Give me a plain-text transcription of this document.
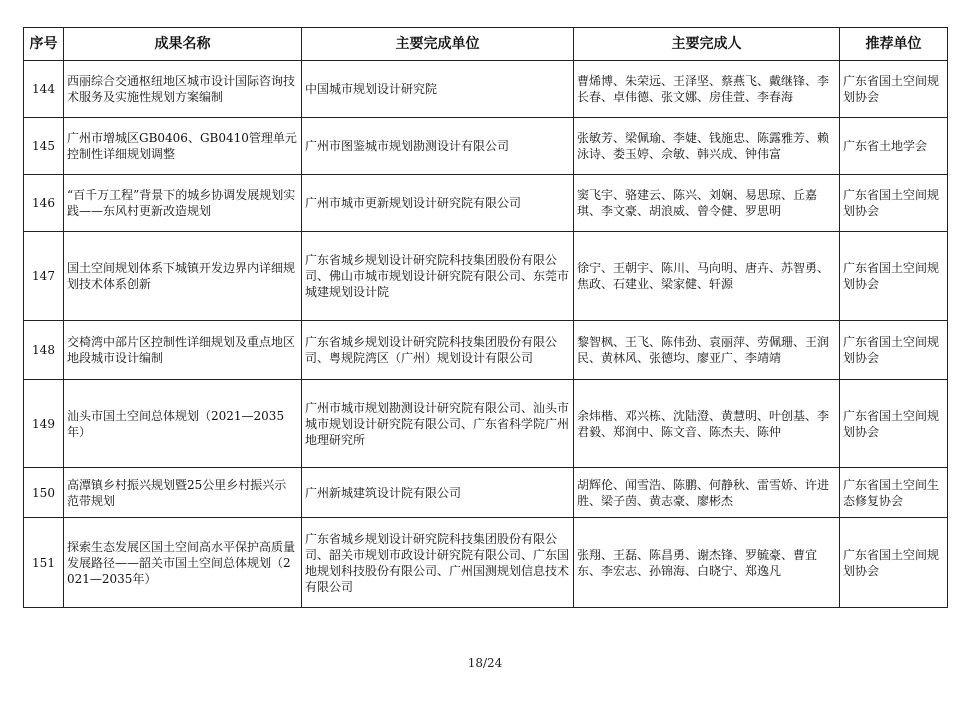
序号	成果名称	主要完成单位	主要完成人	推荐单位
144	西丽综合交通枢纽地区城市设计国际咨询技术服务及实施性规划方案编制	中国城市规划设计研究院	曹烯博、朱荣远、王泽坚、蔡燕飞、戴继锋、李长春、卓伟德、张文娜、房佳萱、李春海	广东省国土空间规划协会
145	广州市增城区GB0406、GB0410管理单元控制性详细规划调整	广州市图鉴城市规划勘测设计有限公司	张敏芳、梁佩瑜、李婕、钱施忠、陈露雅芳、赖泳诗、娄玉婷、佘敏、韩兴成、钟伟富	广东省土地学会
146	“百千万工程”背景下的城乡协调发展规划实践——东风村更新改造规划	广州市城市更新规划设计研究院有限公司	窦飞宇、骆建云、陈兴、刘娴、易思琼、丘嘉琪、李文豪、胡浪威、曾令健、罗思明	广东省国土空间规划协会
147	国土空间规划体系下城镇开发边界内详细规划技术体系创新	广东省城乡规划设计研究院科技集团股份有限公司、佛山市城市规划设计研究院有限公司、东莞市城建规划设计院	徐宁、王朝宇、陈川、马向明、唐卉、苏智勇、焦政、石建业、梁家健、轩源	广东省国土空间规划协会
148	交椅湾中部片区控制性详细规划及重点地区地段城市设计编制	广东省城乡规划设计研究院科技集团股份有限公司、粤规院湾区（广州）规划设计有限公司	黎智枫、王飞、陈伟劲、袁丽萍、劳佩珊、王润民、黄林风、张德均、廖亚广、李靖靖	广东省国土空间规划协会
149	汕头市国土空间总体规划（2021—2035年）	广州市城市规划勘测设计研究院有限公司、汕头市城市规划设计研究院有限公司、广东省科学院广州地理研究所	余炜楷、邓兴栋、沈陆澄、黄慧明、叶创基、李君毅、郑润中、陈文音、陈杰夫、陈仲	广东省国土空间规划协会
150	高潭镇乡村振兴规划暨25公里乡村振兴示范带规划	广州新城建筑设计院有限公司	胡辉伦、闻雪浩、陈鹏、何静秋、雷雪娇、许进胜、梁子茵、黄志豪、廖彬杰	广东省国土空间生态修复协会
151	探索生态发展区国土空间高水平保护高质量发展路径——韶关市国土空间总体规划（2021—2035年）	广东省城乡规划设计研究院科技集团股份有限公司、韶关市规划市政设计研究院有限公司、广东国地规划科技股份有限公司、广州国测规划信息技术有限公司	张翔、王磊、陈昌勇、谢杰锋、罗毓豪、曹宜东、李宏志、孙锦海、白晓宁、郑逸凡	广东省国土空间规划协会
18/24
